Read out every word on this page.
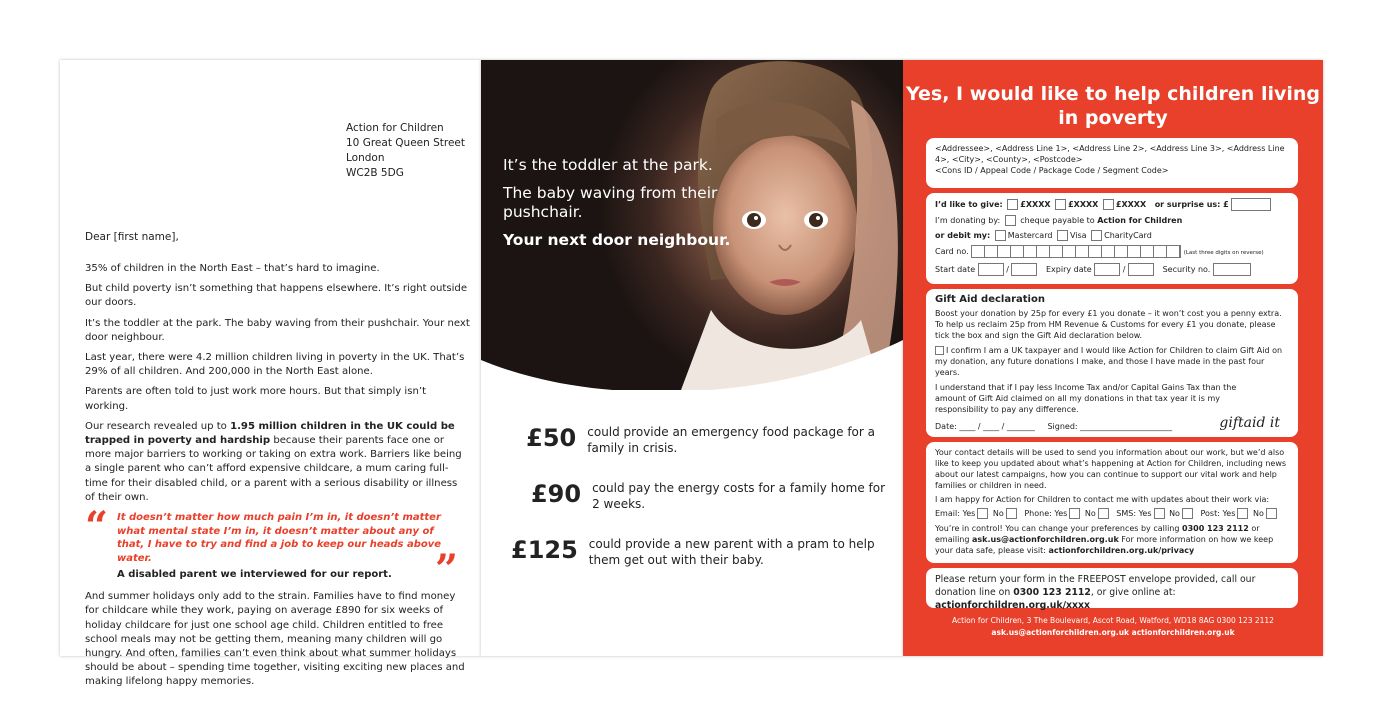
Action for Children
10 Great Queen Street
London
WC2B 5DG
Dear [first name],

35% of children in the North East – that’s hard to imagine.

But child poverty isn’t something that happens elsewhere. It’s right outside our doors.

It’s the toddler at the park. The baby waving from their pushchair. Your next door neighbour.

Last year, there were 4.2 million children living in poverty in the UK. That’s 29% of all children. And 200,000 in the North East alone.

Parents are often told to just work more hours. But that simply isn’t working.

Our research revealed up to 1.95 million children in the UK could be trapped in poverty and hardship because their parents face one or more major barriers to working or taking on extra work. Barriers like being a single parent who can’t afford expensive childcare, a mum caring full-time for their disabled child, or a parent with a serious disability or illness of their own.

“ It doesn’t matter how much pain I’m in, it doesn’t matter what mental state I’m in, it doesn’t matter about any of that, I have to try and find a job to keep our heads above water.
A disabled parent we interviewed for our report.	”

And summer holidays only add to the strain. Families have to find money for childcare while they work, paying on average £890 for six weeks of holiday childcare for just one school age child. Children entitled to free school meals may not be getting them, meaning many children will go hungry. And often, families can’t even think about what summer holidays should be about – spending time together, visiting exciting new places and making lifelong happy memories.

It’s the toddler at the park.
The baby waving from their pushchair.
Your next door neighbour.
£50 could provide an emergency food package for a family in crisis.
£90 could pay the energy costs for a family home for 2 weeks.
£125 could provide a new parent with a pram to help them get out with their baby.
Yes, I would like to help children living in poverty
<Addressee>, <Address Line 1>, <Address Line 2>, <Address Line 3>, <Address Line 4>, <City>, <County>, <Postcode>
<Cons ID / Appeal Code / Package Code / Segment Code>
I’d like to give: £XXXX £XXXX £XXXX or surprise us: £
I’m donating by:	cheque payable to Action for Children
or debit my: Mastercard Visa CharityCard
Card no.	(Last three digits on reverse)
Start date	/	Expiry date	/	Security no.
Gift Aid declaration
Boost your donation by 25p for every £1 you donate – it won’t cost you a penny extra. To help us reclaim 25p from HM Revenue & Customs for every £1 you donate, please tick the box and sign the Gift Aid declaration below.
I confirm I am a UK taxpayer and I would like Action for Children to claim Gift Aid on my donation, any future donations I make, and those I have made in the past four years.
I understand that if I pay less Income Tax and/or Capital Gains Tax than the amount of Gift Aid claimed on all my donations in that tax year it is my responsibility to pay any difference.
Date: ____ / ____ / _______ Signed: _______________________	giftaid it
Your contact details will be used to send you information about our work, but we’d also like to keep you updated about what’s happening at Action for Children, including news about our latest campaigns, how you can continue to support our vital work and help families or children in need.
I am happy for Action for Children to contact me with updates about their work via:
Email: Yes No	Phone: Yes No	SMS: Yes No	Post: Yes No
You’re in control! You can change your preferences by calling 0300 123 2112 or emailing ask.us@actionforchildren.org.uk For more information on how we keep your data safe, please visit: actionforchildren.org.uk/privacy
Please return your form in the FREEPOST envelope provided, call our donation line on 0300 123 2112, or give online at: actionforchildren.org.uk/xxxx
Action for Children, 3 The Boulevard, Ascot Road, Watford, WD18 8AG 0300 123 2112
ask.us@actionforchildren.org.uk actionforchildren.org.uk
